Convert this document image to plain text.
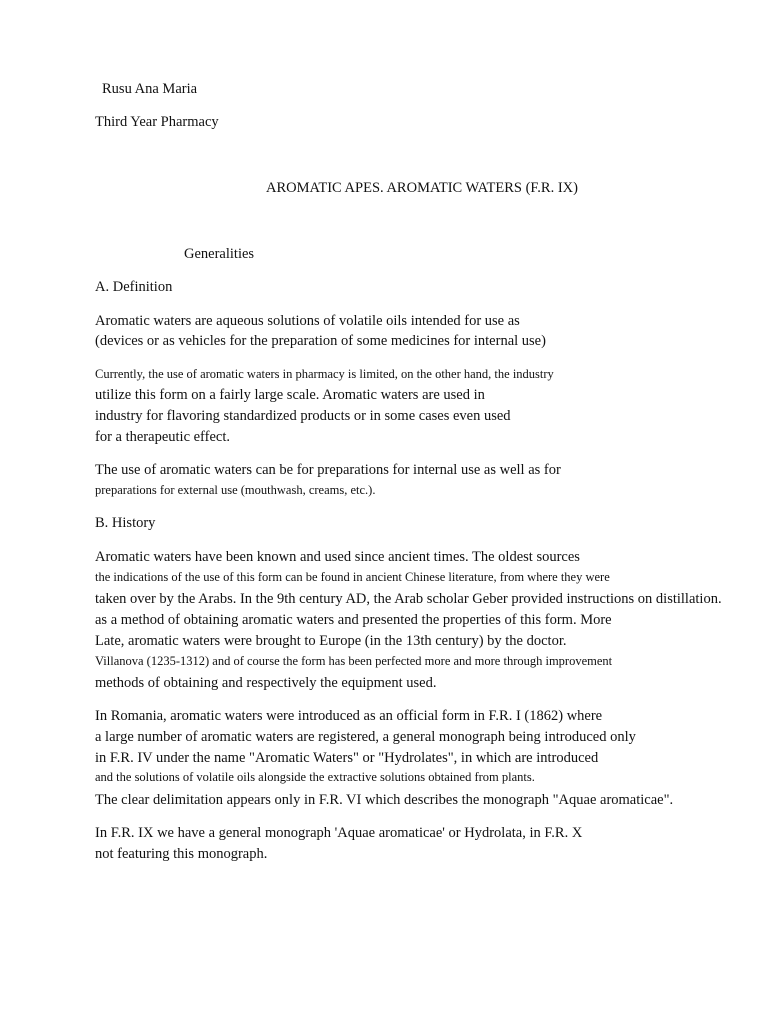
Rusu Ana Maria
Third Year Pharmacy
AROMATIC APES. AROMATIC WATERS (F.R. IX)
Generalities
A. Definition
Aromatic waters are aqueous solutions of volatile oils intended for use as
(devices or as vehicles for the preparation of some medicines for internal use)
Currently, the use of aromatic waters in pharmacy is limited, on the other hand, the industry
utilize this form on a fairly large scale. Aromatic waters are used in
industry for flavoring standardized products or in some cases even used
for a therapeutic effect.
The use of aromatic waters can be for preparations for internal use as well as for
preparations for external use (mouthwash, creams, etc.).
B. History
Aromatic waters have been known and used since ancient times. The oldest sources
the indications of the use of this form can be found in ancient Chinese literature, from where they were
taken over by the Arabs. In the 9th century AD, the Arab scholar Geber provided instructions on distillation.
as a method of obtaining aromatic waters and presented the properties of this form. More
Late, aromatic waters were brought to Europe (in the 13th century) by the doctor.
Villanova (1235-1312) and of course the form has been perfected more and more through improvement
methods of obtaining and respectively the equipment used.
In Romania, aromatic waters were introduced as an official form in F.R. I (1862) where
a large number of aromatic waters are registered, a general monograph being introduced only
in F.R. IV under the name "Aromatic Waters" or "Hydrolates", in which are introduced
and the solutions of volatile oils alongside the extractive solutions obtained from plants.
The clear delimitation appears only in F.R. VI which describes the monograph "Aquae aromaticae".
In F.R. IX we have a general monograph 'Aquae aromaticae' or Hydrolata, in F.R. X
not featuring this monograph.
